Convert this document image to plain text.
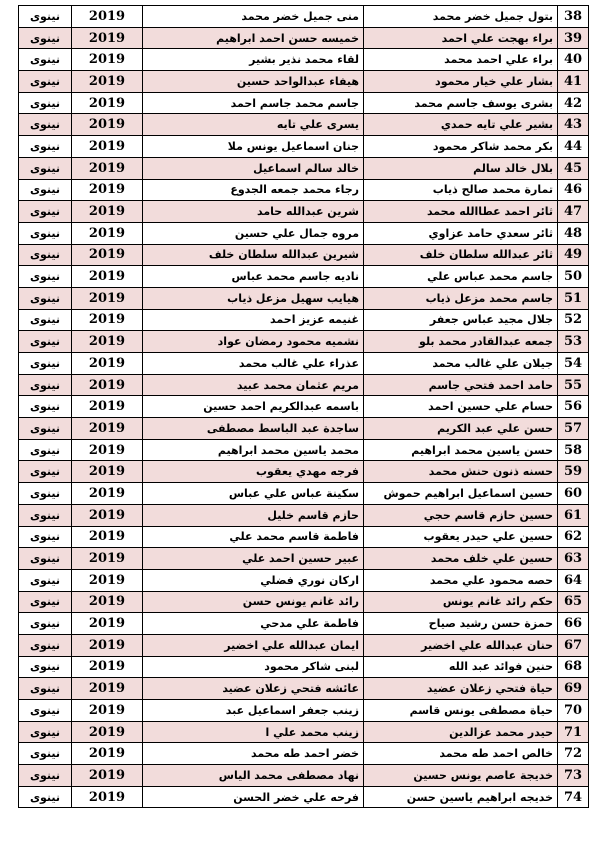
نينوى	2019	منى جميل خضر محمد	بتول جميل خضر محمد	38
نينوى	2019	خميسه حسن احمد ابراهيم	براء بهجت علي احمد	39
نينوى	2019	لقاء محمد نذير بشير	براء علي احمد محمد	40
نينوى	2019	هيفاء عبدالواحد حسين	بشار علي خيار محمود	41
نينوى	2019	جاسم محمد جاسم احمد	بشرى يوسف جاسم محمد	42
نينوى	2019	يسرى علي تايه	بشير علي تايه حمدي	43
نينوى	2019	جنان اسماعيل يونس ملا	بكر محمد شاكر محمود	44
نينوى	2019	خالد سالم اسماعيل	بلال خالد سالم	45
نينوى	2019	رجاء محمد جمعه الجدوع	تمارة محمد صالح ذياب	46
نينوى	2019	شرين عبدالله حامد	ثائر احمد عطاالله محمد	47
نينوى	2019	مروه جمال علي حسين	ثائر سعدي حامد عزاوي	48
نينوى	2019	شيرين عبدالله سلطان خلف	ثائر عبدالله سلطان خلف	49
نينوى	2019	ناديه جاسم محمد عباس	جاسم محمد عباس علي	50
نينوى	2019	هيايب سهيل مزعل ذياب	جاسم محمد مزعل ذياب	51
نينوى	2019	غنيمه عزيز احمد	جلال مجيد عباس جعفر	52
نينوى	2019	نشميه محمود رمضان عواد	جمعه عبدالقادر محمد بلو	53
نينوى	2019	عذراء علي غالب محمد	جيلان علي غالب محمد	54
نينوى	2019	مريم عثمان محمد عبيد	حامد احمد فتحي جاسم	55
نينوى	2019	باسمه عبدالكريم احمد حسين	حسام علي حسين احمد	56
نينوى	2019	ساجدة عبد الباسط مصطفى	حسن علي عبد الكريم	57
نينوى	2019	محمد ياسين محمد ابراهيم	حسن ياسين محمد ابراهيم	58
نينوى	2019	فرجه مهدي يعقوب	حسنه ذنون حنش محمد	59
نينوى	2019	سكينة عباس علي عباس	حسين اسماعيل ابراهيم حموش	60
نينوى	2019	حازم قاسم خليل	حسين حازم قاسم حجي	61
نينوى	2019	فاطمة قاسم محمد علي	حسين علي حيدر يعقوب	62
نينوى	2019	عبير حسين احمد علي	حسين علي خلف محمد	63
نينوى	2019	اركان نوري فضلي	حصه محمود علي محمد	64
نينوى	2019	رائد غانم يونس حسن	حكم رائد غانم يونس	65
نينوى	2019	فاطمة علي مدحي	حمزة حسن رشيد صياح	66
نينوى	2019	ايمان عبدالله علي اخضير	حنان عبدالله علي اخضير	67
نينوى	2019	لبنى شاكر محمود	حنين فوائد عبد الله	68
نينوى	2019	عائشه فتحي زعلان عضيد	حياة فتحي زعلان عضيد	69
نينوى	2019	زينب جعفر اسماعيل عبد	حياة مصطفى يونس قاسم	70
نينوى	2019	زينب محمد علي ا	حيدر محمد عزالدين	71
نينوى	2019	خضر احمد طه محمد	خالص احمد طه محمد	72
نينوى	2019	نهاد مصطفى محمد الياس	خديجة عاصم يونس حسين	73
نينوى	2019	فرحه علي خضر الحسن	خديجه ابراهيم ياسين حسن	74
